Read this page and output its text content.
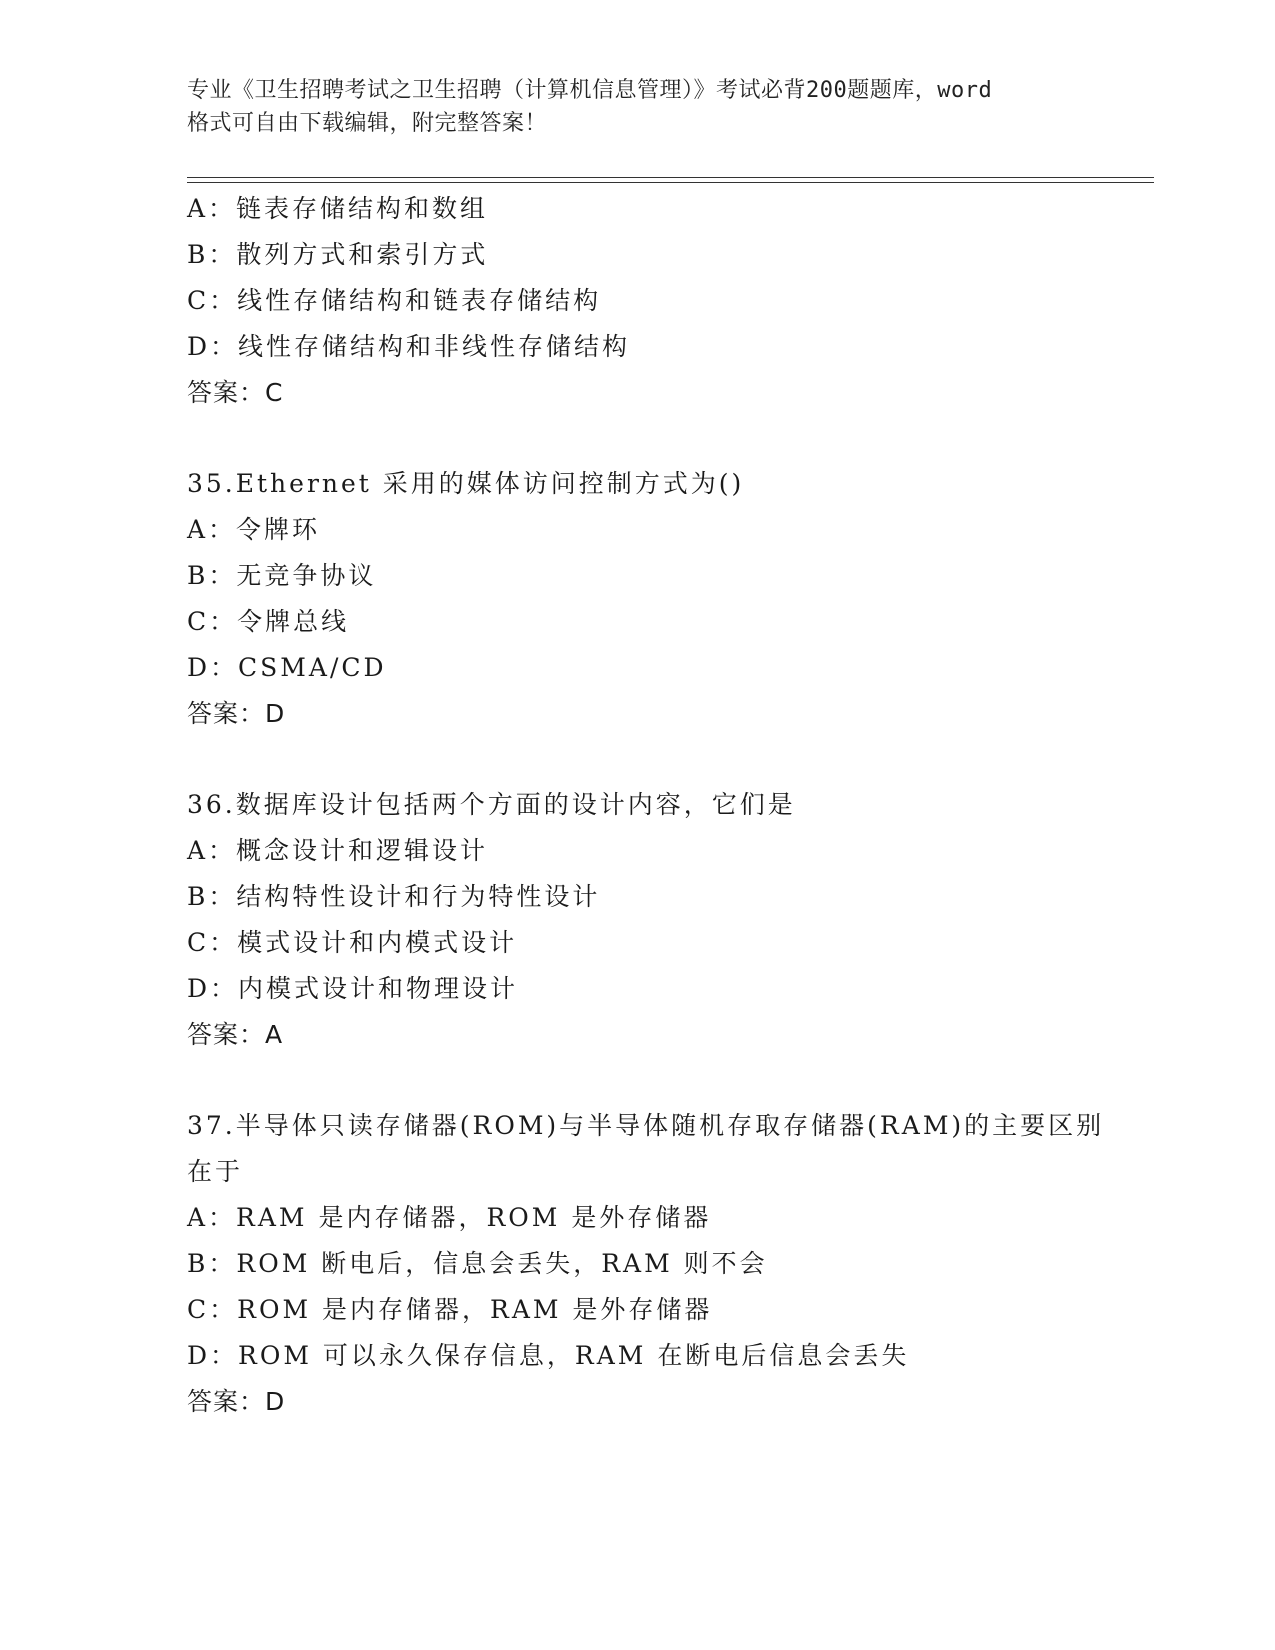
专业《卫生招聘考试之卫生招聘（计算机信息管理）》考试必背200题题库，word
格式可自由下载编辑，附完整答案！
A：链表存储结构和数组
B：散列方式和索引方式
C：线性存储结构和链表存储结构
D：线性存储结构和非线性存储结构
答案：C
35.Ethernet 采用的媒体访问控制方式为()
A：令牌环
B：无竞争协议
C：令牌总线
D：CSMA/CD
答案：D
36.数据库设计包括两个方面的设计内容，它们是
A：概念设计和逻辑设计
B：结构特性设计和行为特性设计
C：模式设计和内模式设计
D：内模式设计和物理设计
答案：A
37.半导体只读存储器(ROM)与半导体随机存取存储器(RAM)的主要区别
在于
A：RAM 是内存储器，ROM 是外存储器
B：ROM 断电后，信息会丢失，RAM 则不会
C：ROM 是内存储器，RAM 是外存储器
D：ROM 可以永久保存信息，RAM 在断电后信息会丢失
答案：D
